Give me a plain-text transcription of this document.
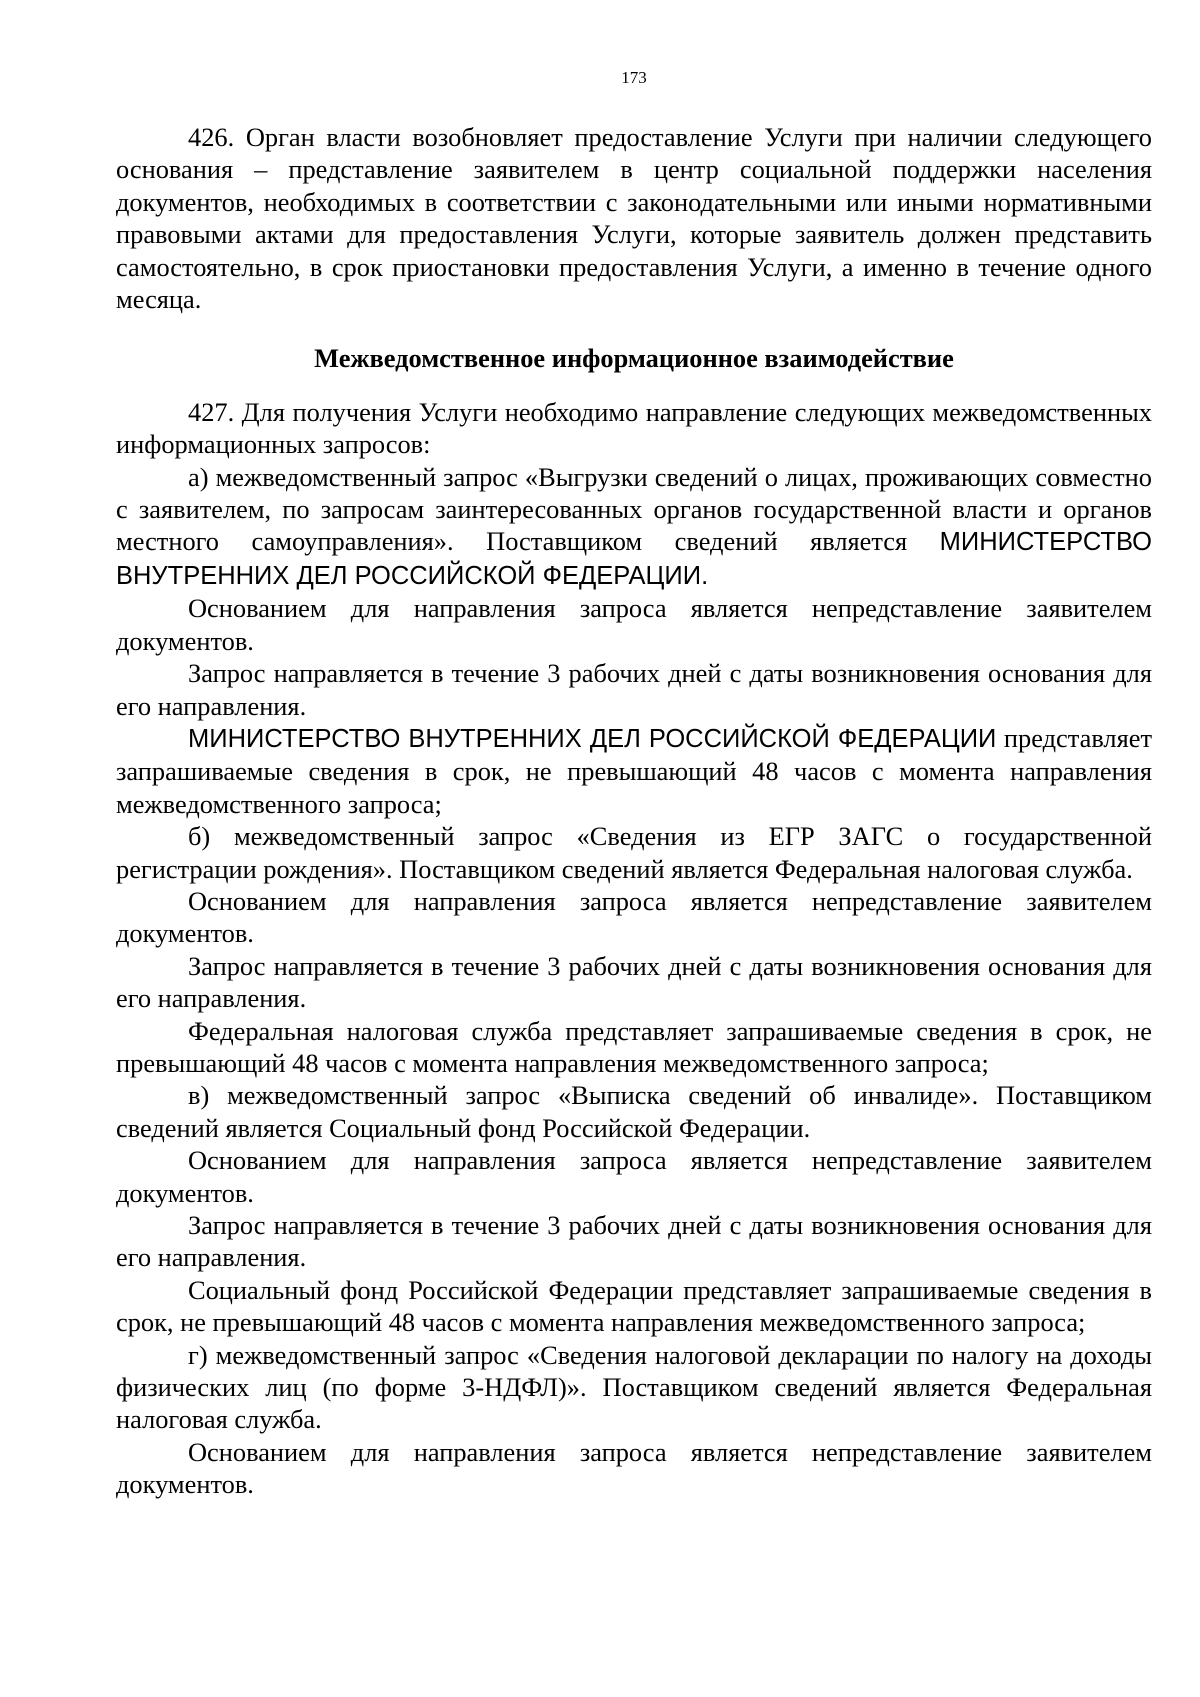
173

426. Орган власти возобновляет предоставление Услуги при наличии следующего основания – представление заявителем в центр социальной поддержки населения документов, необходимых в соответствии с законодательными или иными нормативными правовыми актами для предоставления Услуги, которые заявитель должен представить самостоятельно, в срок приостановки предоставления Услуги, а именно в течение одного месяца.

Межведомственное информационное взаимодействие

427. Для получения Услуги необходимо направление следующих межведомственных информационных запросов:

а) межведомственный запрос «Выгрузки сведений о лицах, проживающих совместно с заявителем, по запросам заинтересованных органов государственной власти и органов местного самоуправления». Поставщиком сведений является МИНИСТЕРСТВО ВНУТРЕННИХ ДЕЛ РОССИЙСКОЙ ФЕДЕРАЦИИ.

Основанием для направления запроса является непредставление заявителем документов.

Запрос направляется в течение 3 рабочих дней с даты возникновения основания для его направления.

МИНИСТЕРСТВО ВНУТРЕННИХ ДЕЛ РОССИЙСКОЙ ФЕДЕРАЦИИ представляет запрашиваемые сведения в срок, не превышающий 48 часов с момента направления межведомственного запроса;

б) межведомственный запрос «Сведения из ЕГР ЗАГС о государственной регистрации рождения». Поставщиком сведений является Федеральная налоговая служба.

Основанием для направления запроса является непредставление заявителем документов.

Запрос направляется в течение 3 рабочих дней с даты возникновения основания для его направления.

Федеральная налоговая служба представляет запрашиваемые сведения в срок, не превышающий 48 часов с момента направления межведомственного запроса;

в) межведомственный запрос «Выписка сведений об инвалиде». Поставщиком сведений является Социальный фонд Российской Федерации.

Основанием для направления запроса является непредставление заявителем документов.

Запрос направляется в течение 3 рабочих дней с даты возникновения основания для его направления.

Социальный фонд Российской Федерации представляет запрашиваемые сведения в срок, не превышающий 48 часов с момента направления межведомственного запроса;

г) межведомственный запрос «Сведения налоговой декларации по налогу на доходы физических лиц (по форме 3-НДФЛ)». Поставщиком сведений является Федеральная налоговая служба.

Основанием для направления запроса является непредставление заявителем документов.
